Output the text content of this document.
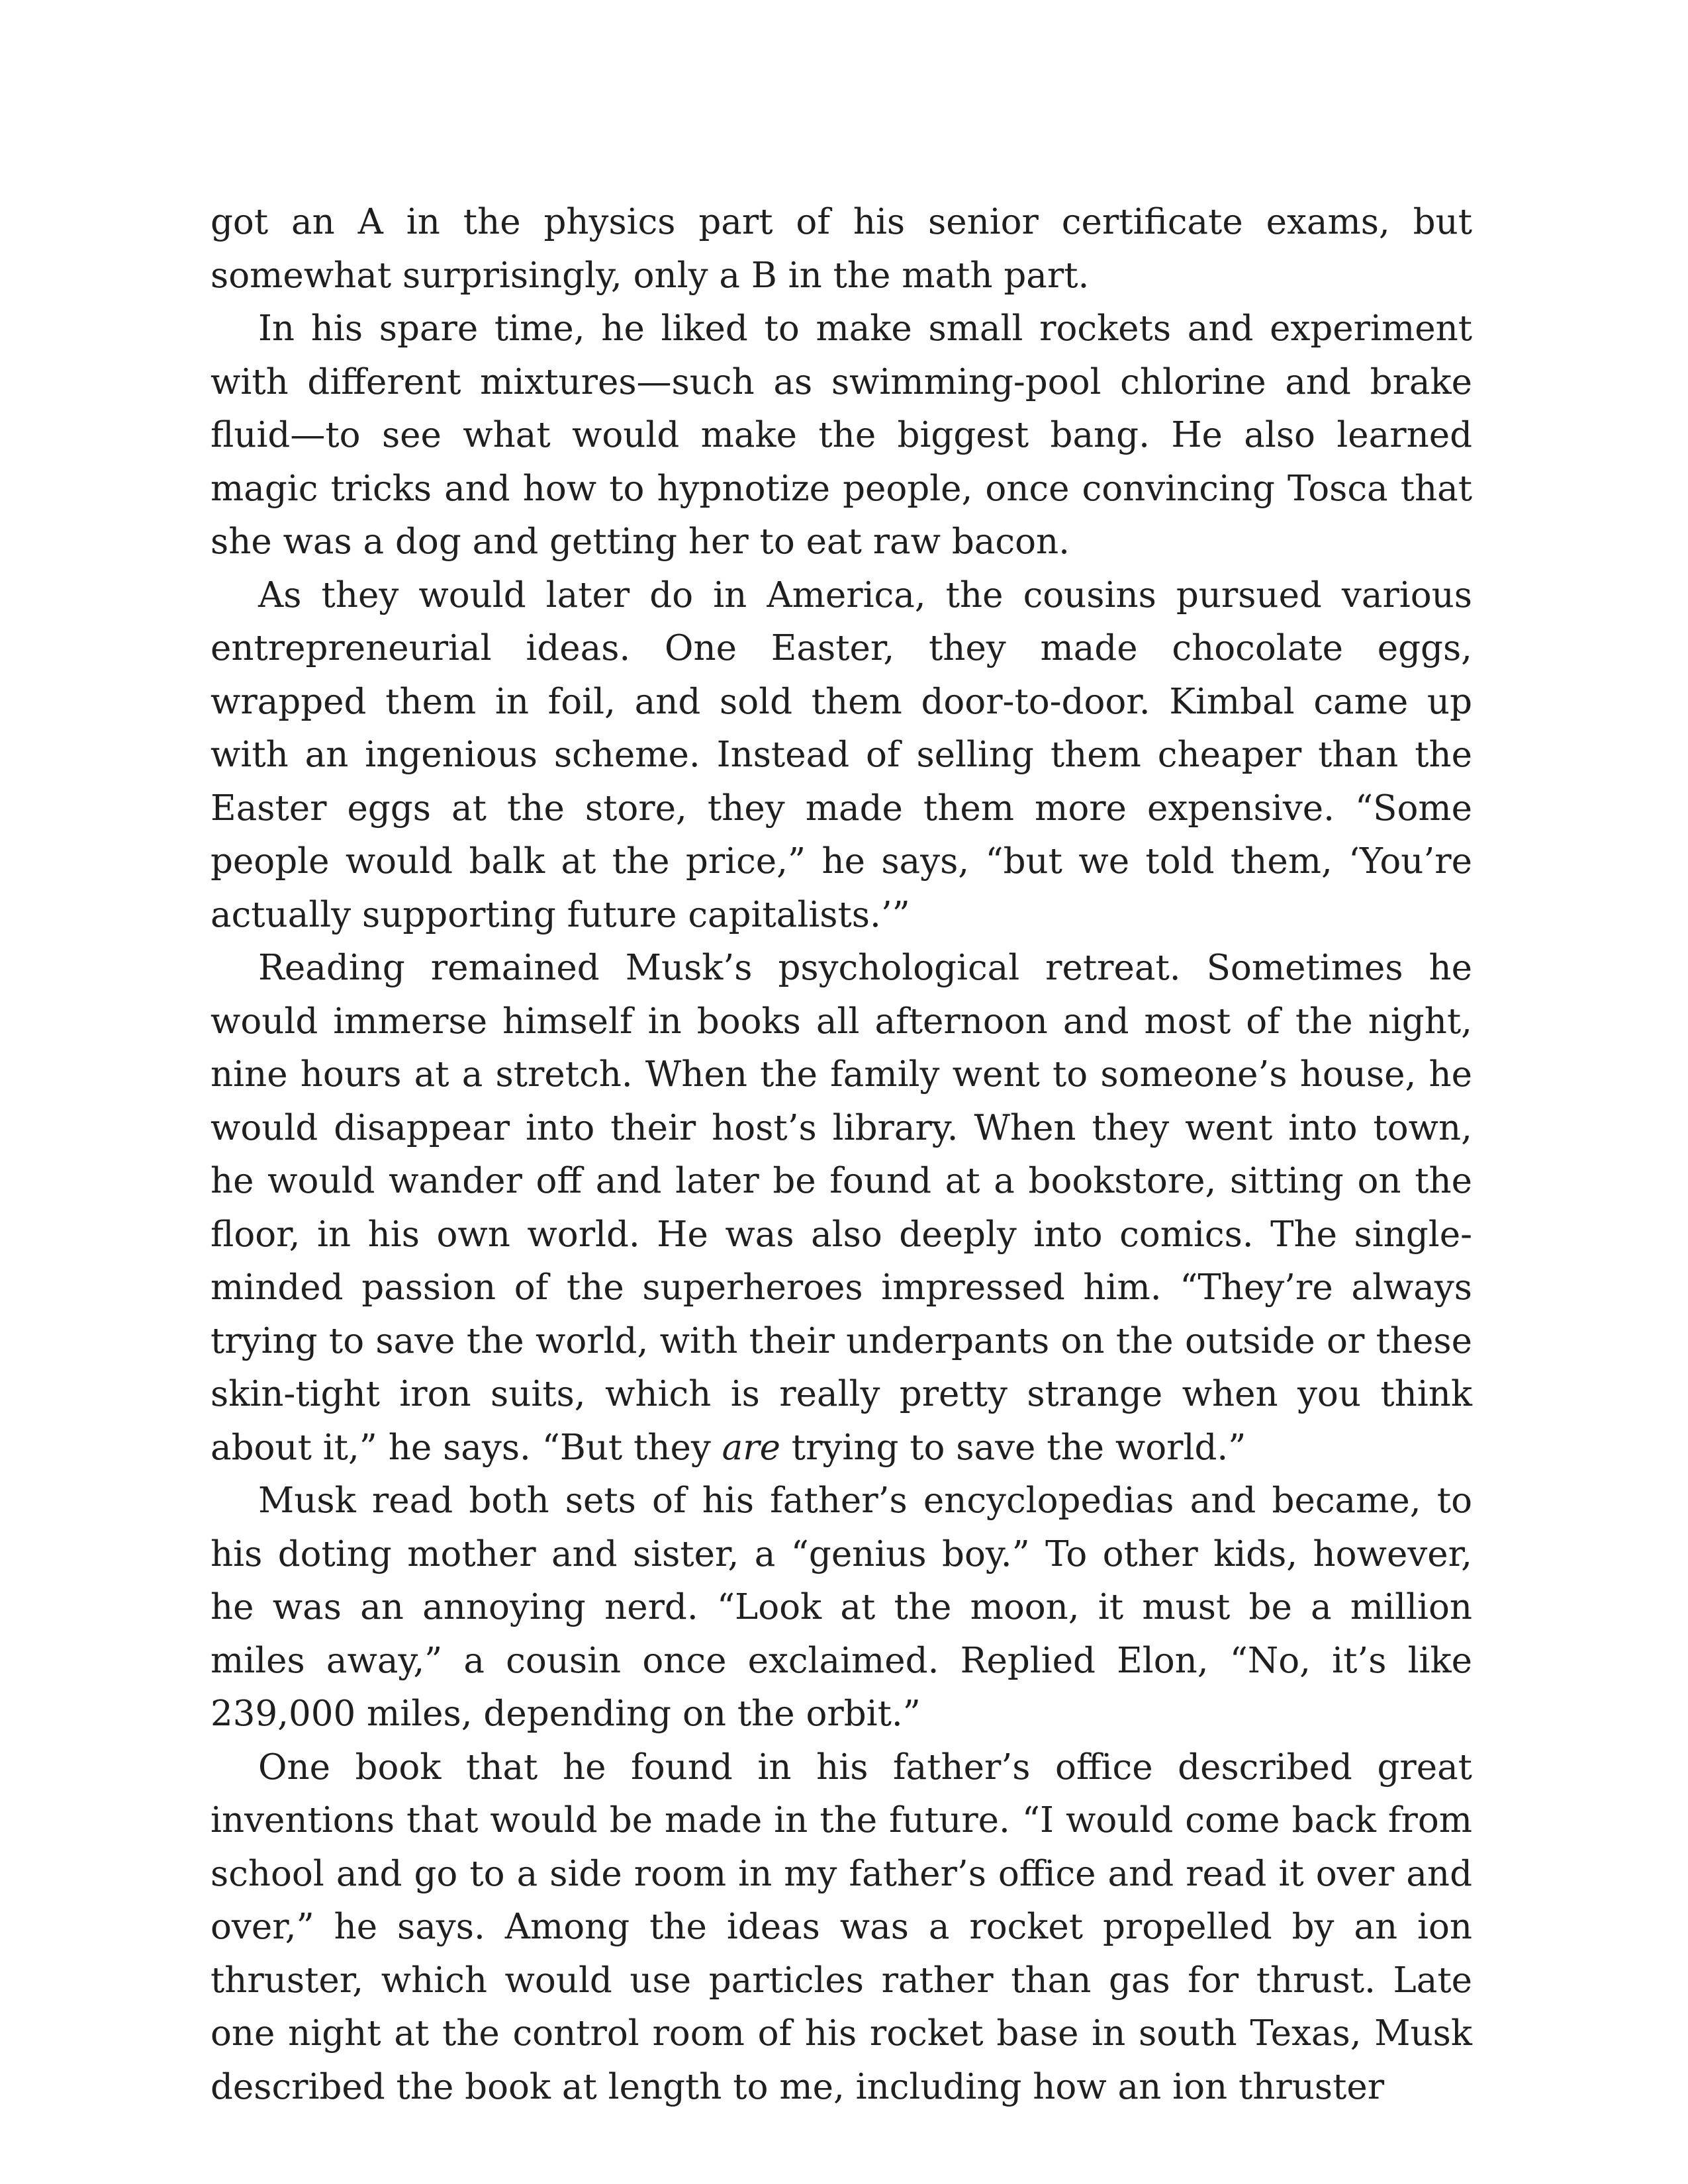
got an A in the physics part of his senior certificate exams, but somewhat surprisingly, only a B in the math part.

In his spare time, he liked to make small rockets and experiment with different mixtures—such as swimming-pool chlorine and brake fluid—to see what would make the biggest bang. He also learned magic tricks and how to hypnotize people, once convincing Tosca that she was a dog and getting her to eat raw bacon.

As they would later do in America, the cousins pursued various entrepreneurial ideas. One Easter, they made chocolate eggs, wrapped them in foil, and sold them door-to-door. Kimbal came up with an ingenious scheme. Instead of selling them cheaper than the Easter eggs at the store, they made them more expensive. “Some people would balk at the price,” he says, “but we told them, ‘You’re actually supporting future capitalists.’”

Reading remained Musk’s psychological retreat. Sometimes he would immerse himself in books all afternoon and most of the night, nine hours at a stretch. When the family went to someone’s house, he would disappear into their host’s library. When they went into town, he would wander off and later be found at a bookstore, sitting on the floor, in his own world. He was also deeply into comics. The single-minded passion of the superheroes impressed him. “They’re always trying to save the world, with their underpants on the outside or these skin-tight iron suits, which is really pretty strange when you think about it,” he says. “But they are trying to save the world.”

Musk read both sets of his father’s encyclopedias and became, to his doting mother and sister, a “genius boy.” To other kids, however, he was an annoying nerd. “Look at the moon, it must be a million miles away,” a cousin once exclaimed. Replied Elon, “No, it’s like 239,000 miles, depending on the orbit.”

One book that he found in his father’s office described great inventions that would be made in the future. “I would come back from school and go to a side room in my father’s office and read it over and over,” he says. Among the ideas was a rocket propelled by an ion thruster, which would use particles rather than gas for thrust. Late one night at the control room of his rocket base in south Texas, Musk described the book at length to me, including how an ion thruster
